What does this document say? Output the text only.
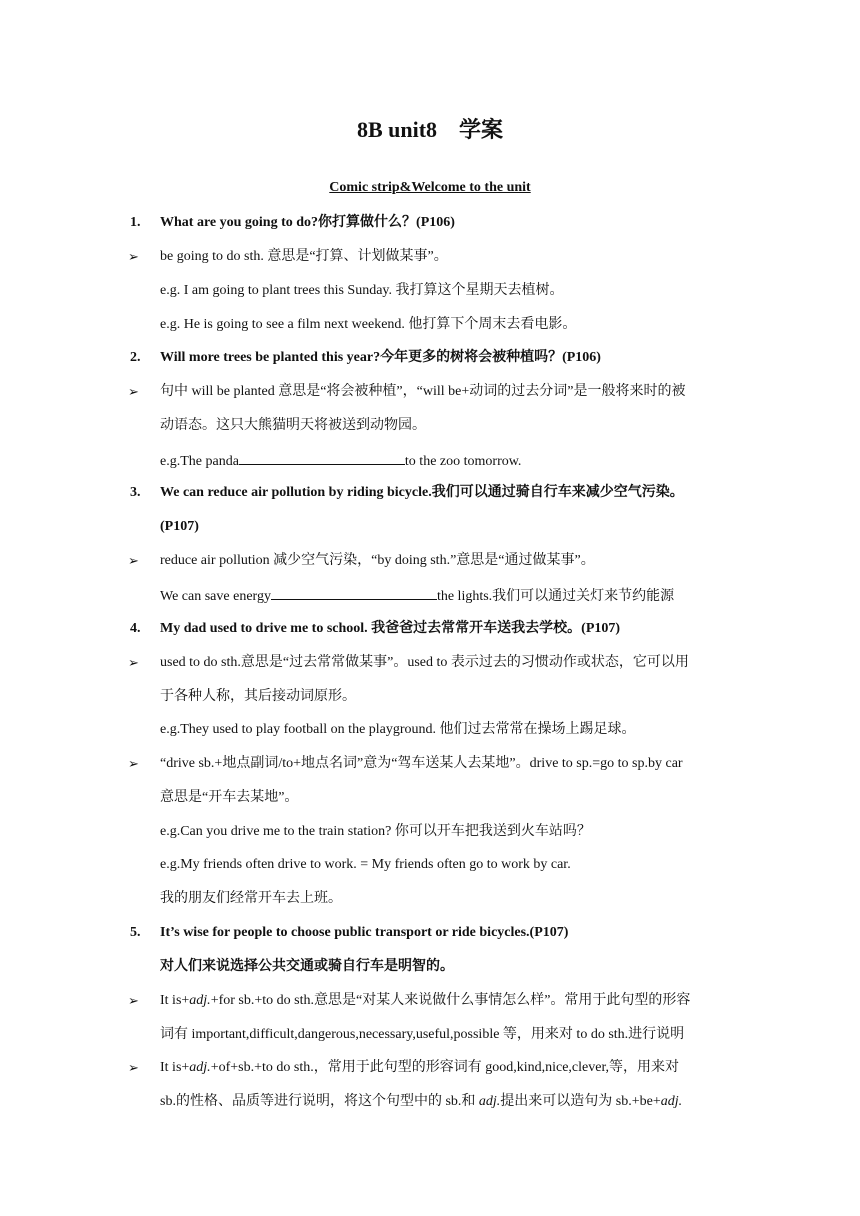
8B unit8　学案
Comic strip&Welcome to the unit
1. What are you going to do?你打算做什么？(P106)
➢ be going to do sth. 意思是“打算、计划做某事”。
e.g. I am going to plant trees this Sunday. 我打算这个星期天去植树。
e.g. He is going to see a film next weekend. 他打算下个周末去看电影。
2. Will more trees be planted this year?今年更多的树将会被种植吗？(P106)
➢ 句中 will be planted 意思是“将会被种植”，“will be+动词的过去分词”是一般将来时的被
动语态。这只大熊猫明天将被送到动物园。
e.g.The panda	to the zoo tomorrow.
3. We can reduce air pollution by riding bicycle.我们可以通过骑自行车来减少空气污染。
(P107)
➢ reduce air pollution 减少空气污染，“by doing sth.”意思是“通过做某事”。
We can save energy	the lights.我们可以通过关灯来节约能源
4. My dad used to drive me to school. 我爸爸过去常常开车送我去学校。(P107)
➢ used to do sth.意思是“过去常常做某事”。used to 表示过去的习惯动作或状态，它可以用
于各种人称，其后接动词原形。
e.g.They used to play football on the playground. 他们过去常常在操场上踢足球。
➢ “drive sb.+地点副词/to+地点名词”意为“驾车送某人去某地”。drive to sp.=go to sp.by car
意思是“开车去某地”。
e.g.Can you drive me to the train station? 你可以开车把我送到火车站吗？
e.g.My friends often drive to work. = My friends often go to work by car.
我的朋友们经常开车去上班。
5. It’s wise for people to choose public transport or ride bicycles.(P107)
对人们来说选择公共交通或骑自行车是明智的。
➢ It is+adj.+for sb.+to do sth.意思是“对某人来说做什么事情怎么样”。常用于此句型的形容
词有 important,difficult,dangerous,necessary,useful,possible 等，用来对 to do sth.进行说明
➢ It is+adj.+of+sb.+to do sth.，常用于此句型的形容词有 good,kind,nice,clever,等，用来对
sb.的性格、品质等进行说明，将这个句型中的 sb.和 adj.提出来可以造句为 sb.+be+adj.
